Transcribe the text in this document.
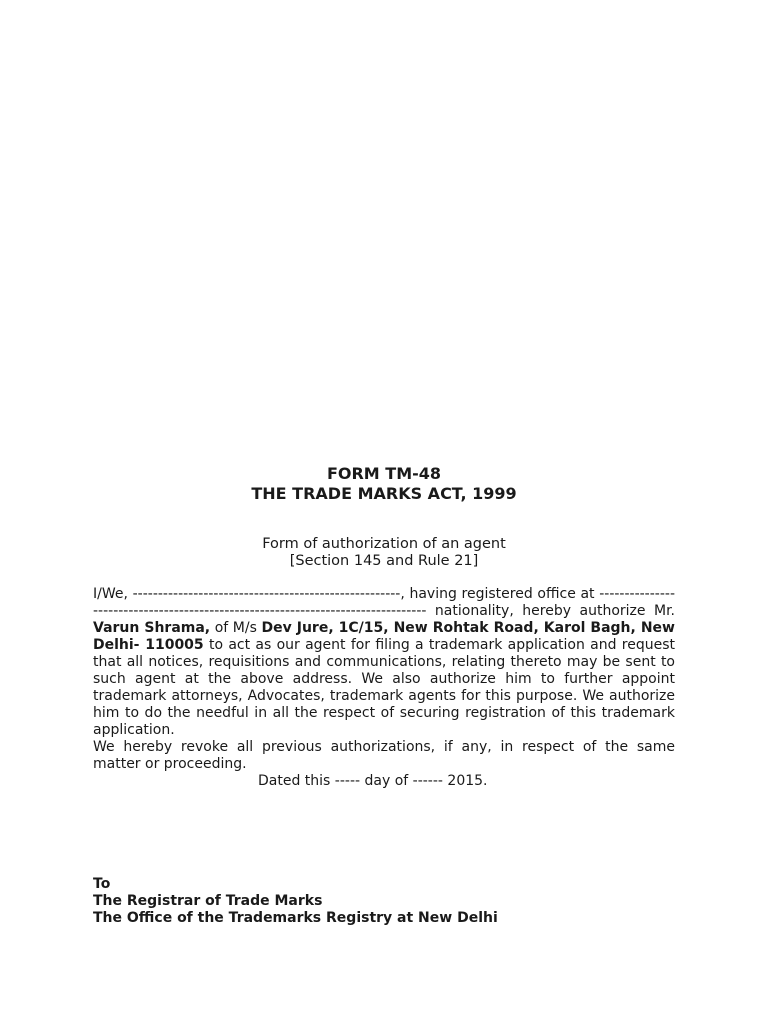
FORM TM-48
THE TRADE MARKS ACT, 1999
Form of authorization of an agent
[Section 145 and Rule 21]

I/We, -----------------------------------------------------, having registered office at --------------------------------------------------------------------------------- nationality, hereby authorize Mr. Varun Shrama, of M/s Dev Jure, 1C/15, New Rohtak Road, Karol Bagh, New Delhi- 110005 to act as our agent for filing a trademark application and request that all notices, requisitions and communications, relating thereto may be sent to such agent at the above address. We also authorize him to further appoint trademark attorneys, Advocates, trademark agents for this purpose. We authorize him to do the needful in all the respect of securing registration of this trademark application.

We hereby revoke all previous authorizations, if any, in respect of the same matter or proceeding.

Dated this ----- day of ------ 2015.

To
The Registrar of Trade Marks
The Office of the Trademarks Registry at New Delhi
